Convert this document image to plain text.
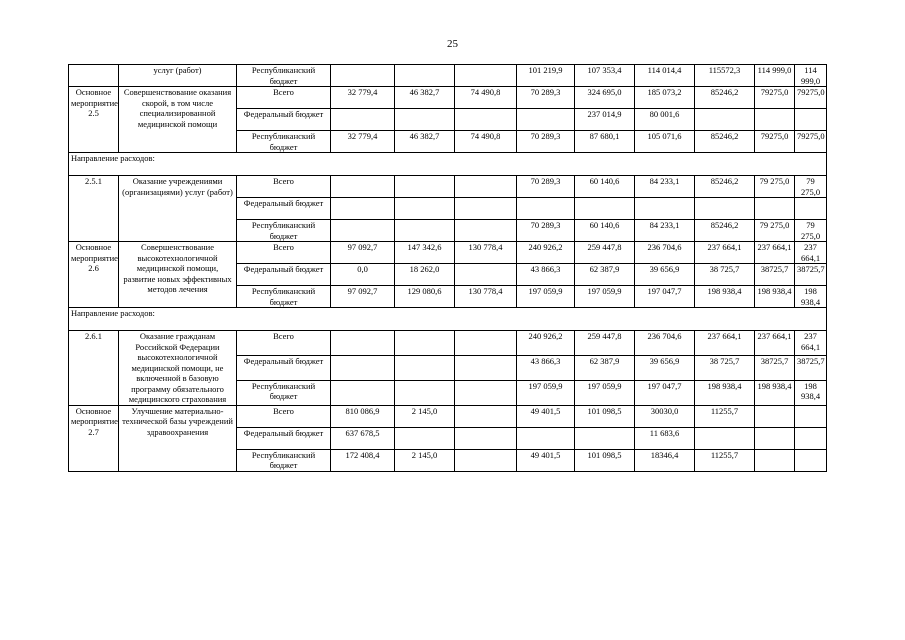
25
	услуг (работ)	Республиканский бюджет				101 219,9	107 353,4	114 014,4	115572,3	114 999,0	114 999,0
Основное мероприятие 2.5	Совершенствование оказания скорой, в том числе специализированной медицинской помощи	Всего	32 779,4	46 382,7	74 490,8	70 289,3	324 695,0	185 073,2	85246,2	79275,0	79275,0
		Федеральный бюджет					237 014,9	80 001,6			
		Республиканский бюджет	32 779,4	46 382,7	74 490,8	70 289,3	87 680,1	105 071,6	85246,2	79275,0	79275,0
Направление расходов:											
2.5.1	Оказание учреждениями (организациями) услуг (работ)	Всего				70 289,3	60 140,6	84 233,1	85246,2	79 275,0	79 275,0
		Федеральный бюджет									
		Республиканский бюджет				70 289,3	60 140,6	84 233,1	85246,2	79 275,0	79 275,0
Основное мероприятие 2.6	Совершенствование высокотехнологичной медицинской помощи, развитие новых эффективных методов лечения	Всего	97 092,7	147 342,6	130 778,4	240 926,2	259 447,8	236 704,6	237 664,1	237 664,1	237 664,1
		Федеральный бюджет	0,0	18 262,0		43 866,3	62 387,9	39 656,9	38 725,7	38725,7	38725,7
		Республиканский бюджет	97 092,7	129 080,6	130 778,4	197 059,9	197 059,9	197 047,7	198 938,4	198 938,4	198 938,4
Направление расходов:											
2.6.1	Оказание гражданам Российской Федерации высокотехнологичной медицинской помощи, не включенной в базовую программу обязательного медицинского страхования	Всего				240 926,2	259 447,8	236 704,6	237 664,1	237 664,1	237 664,1
		Федеральный бюджет				43 866,3	62 387,9	39 656,9	38 725,7	38725,7	38725,7
		Республиканский бюджет				197 059,9	197 059,9	197 047,7	198 938,4	198 938,4	198 938,4
Основное мероприятие 2.7	Улучшение материально-технической базы учреждений здравоохранения	Всего	810 086,9	2 145,0		49 401,5	101 098,5	30030,0	11255,7		
		Федеральный бюджет	637 678,5					11 683,6			
		Республиканский бюджет	172 408,4	2 145,0		49 401,5	101 098,5	18346,4	11255,7		
